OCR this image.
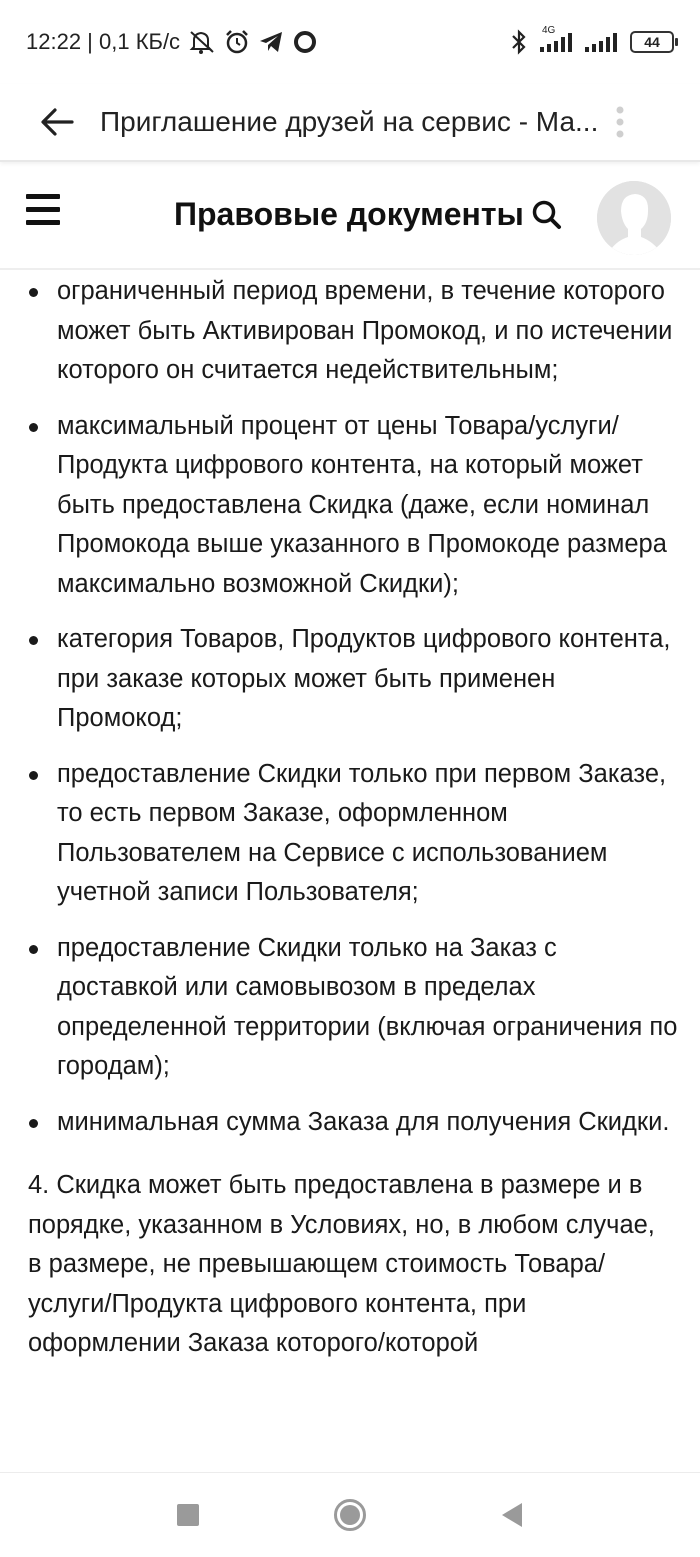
12:22 | 0,1 КБ/с	4G
44
Приглашение друзей на сервис - Ма...
Правовые документы
ограниченный период времени, в течение которого может быть Активирован Промокод, и по истечении которого он считается недействительным;
максимальный процент от цены Товара/услуги/ Продукта цифрового контента, на который может быть предоставлена Скидка (даже, если номинал Промокода выше указанного в Промокоде размера максимально возможной Скидки);
категория Товаров, Продуктов цифрового контента, при заказе которых может быть применен Промокод;
предоставление Скидки только при первом Заказе, то есть первом Заказе, оформленном Пользователем на Сервисе с использованием учетной записи Пользователя;
предоставление Скидки только на Заказ с доставкой или самовывозом в пределах определенной территории (включая ограничения по городам);
минимальная сумма Заказа для получения Скидки.
4. Скидка может быть предоставлена в размере и в порядке, указанном в Условиях, но, в любом случае, в размере, не превышающем стоимость Товара/услуги/Продукта цифрового контента, при оформлении Заказа которого/которой
